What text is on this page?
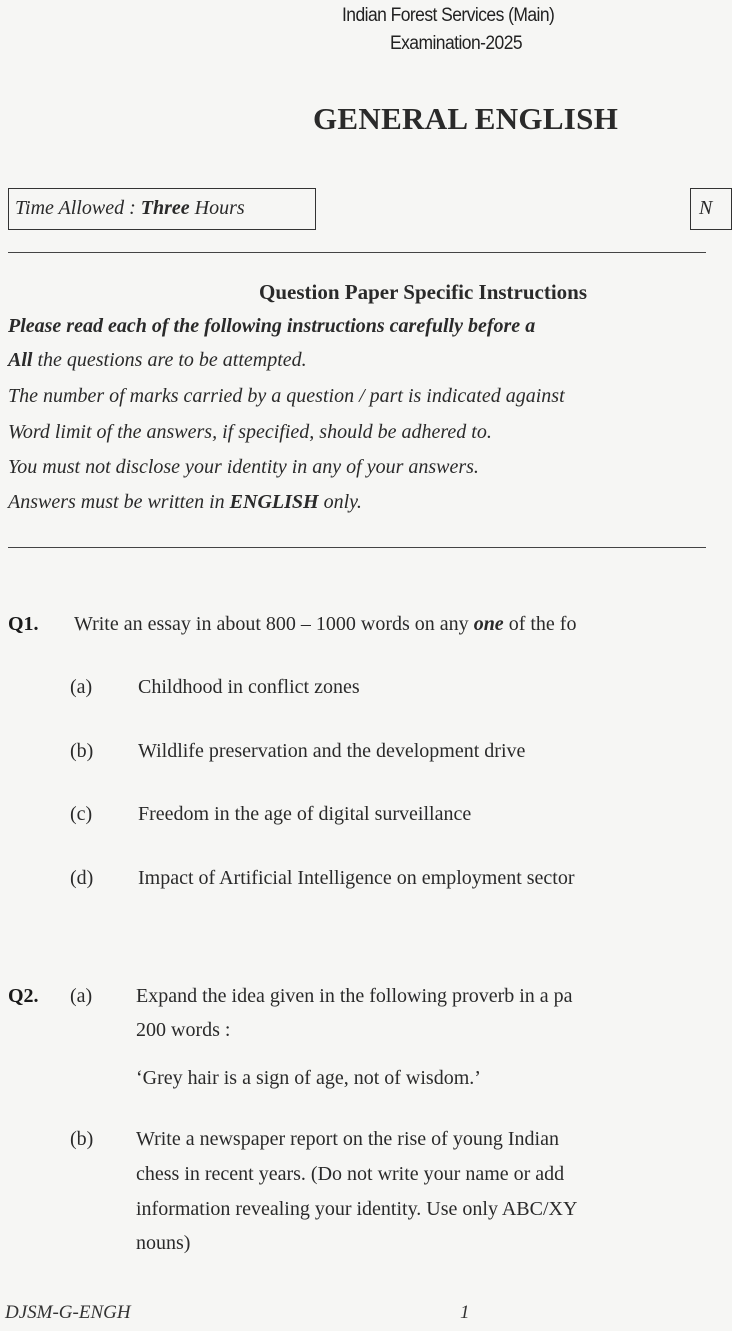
Indian Forest Services (Main)
Examination-2025
GENERAL ENGLISH
Time Allowed : Three Hours	N
Question Paper Specific Instructions
Please read each of the following instructions carefully before a
All the questions are to be attempted.
The number of marks carried by a question / part is indicated against
Word limit of the answers, if specified, should be adhered to.
You must not disclose your identity in any of your answers.
Answers must be written in ENGLISH only.
Q1. Write an essay in about 800 – 1000 words on any one of the fo
(a) Childhood in conflict zones
(b) Wildlife preservation and the development drive
(c) Freedom in the age of digital surveillance
(d) Impact of Artificial Intelligence on employment sector
Q2. (a) Expand the idea given in the following proverb in a pa
200 words :
‘Grey hair is a sign of age, not of wisdom.’
(b) Write a newspaper report on the rise of young Indian
chess in recent years. (Do not write your name or add
information revealing your identity. Use only ABC/XY
nouns)
DJSM-G-ENGH	1
